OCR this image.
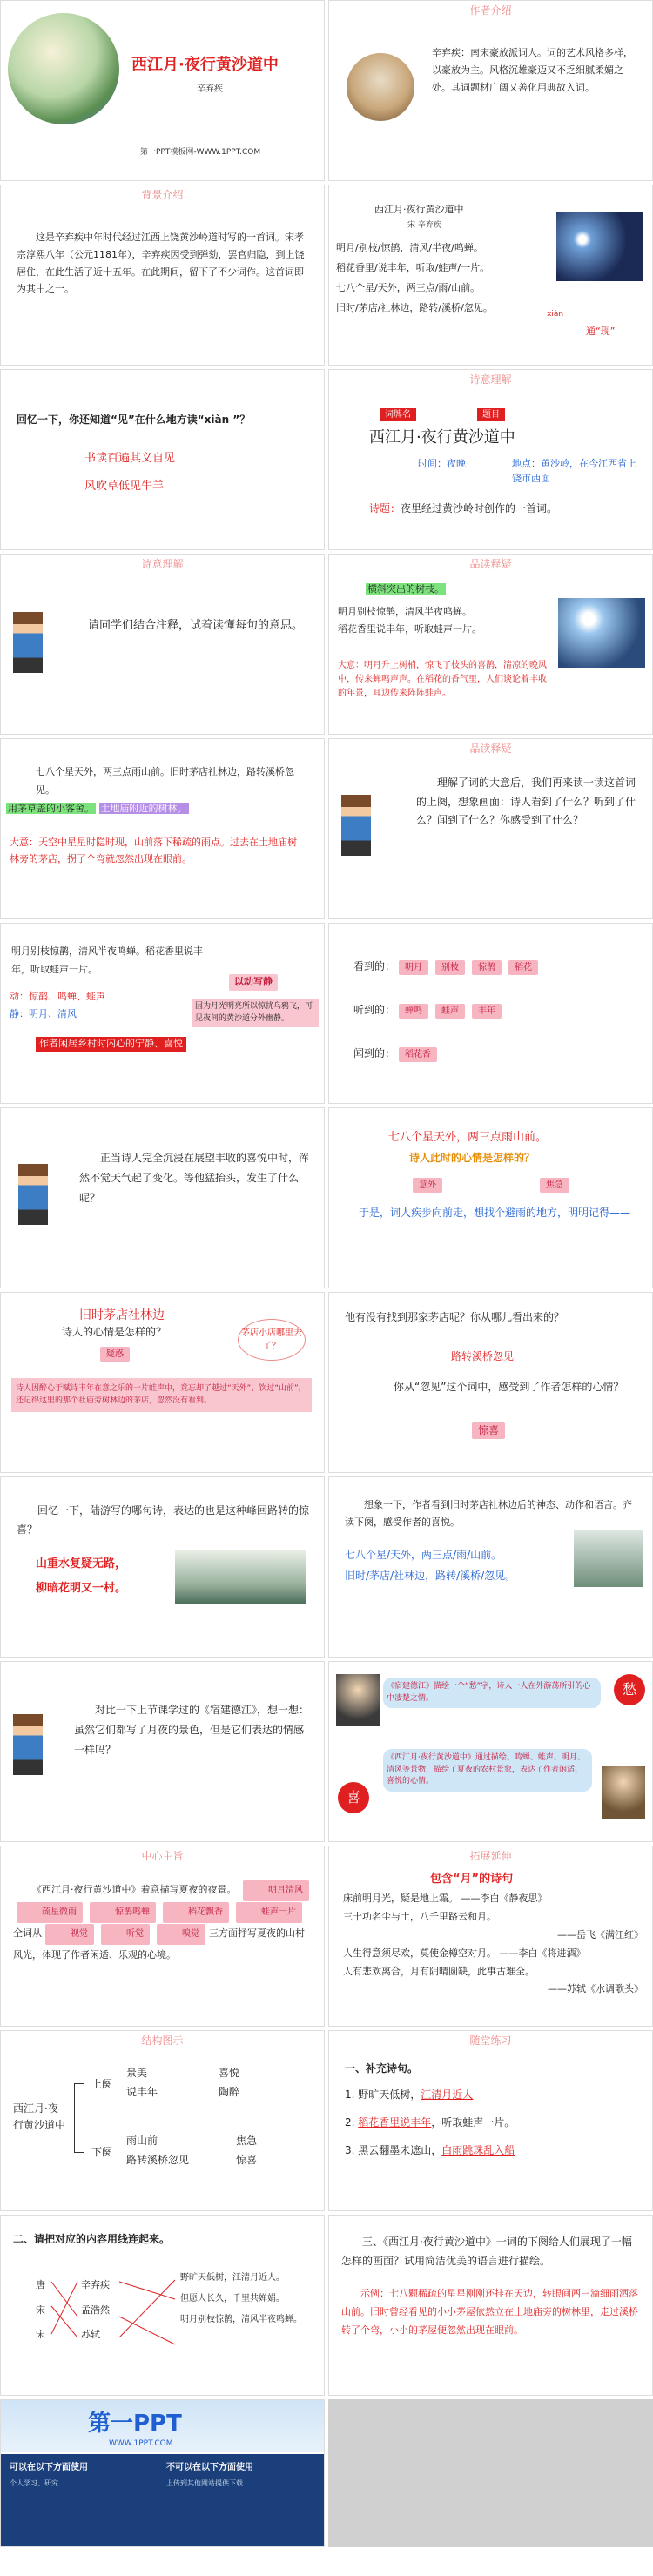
西江月·夜行黄沙道中
辛弃疾
第一PPT模板网-WWW.1PPT.COM
作者介绍
辛弃疾：南宋豪放派词人。词的艺术风格多样，以豪放为主。风格沉雄豪迈又不乏细腻柔媚之处。其词题材广阔又善化用典故入词。
背景介绍
这是辛弃疾中年时代经过江西上饶黄沙岭道时写的一首词。宋孝宗淳熙八年（公元1181年），辛弃疾因受到弹劾，罢官归隐，到上饶居住，在此生活了近十五年。在此期间，留下了不少词作。这首词即为其中之一。
西江月·夜行黄沙道中
宋 辛弃疾
明月/别枝/惊鹊，清风/半夜/鸣蝉。
稻花香里/说丰年，听取/蛙声/一片。
七八个星/天外，两三点/雨/山前。
旧时/茅店/社林边，路转/溪桥/忽见。
xiàn
通“现”
回忆一下，你还知道“见”在什么地方读“xiàn ”？
书读百遍其义自见
风吹草低见牛羊
诗意理解
词牌名	题目
西江月·夜行黄沙道中
时间：夜晚	地点：黄沙岭，在今江西省上饶市西面
诗题：夜里经过黄沙岭时创作的一首词。
诗意理解
请同学们结合注释，试着读懂每句的意思。
品读释疑
横斜突出的树枝。
明月别枝惊鹊，清风半夜鸣蝉。
稻花香里说丰年，听取蛙声一片。
大意：明月升上树梢，惊飞了枝头的喜鹊，清凉的晚风中，传来蝉鸣声声。在稻花的香气里，人们谈论着丰收的年景，耳边传来阵阵蛙声。
七八个星天外，两三点雨山前。旧时茅店社林边，路转溪桥忽见。
用茅草盖的小客舍。 土地庙附近的树林。
大意：天空中星星时隐时现，山前落下稀疏的雨点。过去在土地庙树林旁的茅店，拐了个弯就忽然出现在眼前。
品读释疑
理解了词的大意后，我们再来读一读这首词的上阕，想象画面：诗人看到了什么？听到了什么？闻到了什么？你感受到了什么？
明月别枝惊鹊，清风半夜鸣蝉。稻花香里说丰年，听取蛙声一片。
动：惊鹊、鸣蝉、蛙声
静：明月、清风
以动写静
因为月光明亮所以惊扰乌鸦飞，可见夜间的黄沙道分外幽静。
作者闲居乡村时内心的宁静、喜悦
看到的： 明月 别枝 惊鹊 稻花
听到的： 蝉鸣 蛙声 丰年
闻到的： 稻花香
正当诗人完全沉浸在展望丰收的喜悦中时，浑然不觉天气起了变化。等他猛抬头，发生了什么呢？
七八个星天外，两三点雨山前。
诗人此时的心情是怎样的？
意外	焦急
于是，词人疾步向前走，想找个避雨的地方，明明记得——
旧时茅店社林边
诗人的心情是怎样的？
疑惑
茅店小店哪里去了？
诗人因醉心于赋诗丰年在意之乐的一片蛙声中，竟忘却了越过“天外”、饮过“山前”，还记得这里的那个社庙旁树林边的茅店，忽然没有看到。
他有没有找到那家茅店呢？你从哪儿看出来的？
路转溪桥忽见
你从“忽见”这个词中，感受到了作者怎样的心情？
惊喜
回忆一下，陆游写的哪句诗，表达的也是这种峰回路转的惊喜？
山重水复疑无路，
柳暗花明又一村。
想象一下，作者看到旧时茅店社林边后的神态、动作和语言。齐读下阕，感受作者的喜悦。
七八个星/天外，两三点/雨/山前。
旧时/茅店/社林边，路转/溪桥/忽见。
对比一下上节课学过的《宿建德江》，想一想：虽然它们都写了月夜的景色，但是它们表达的情感一样吗？
《宿建德江》描绘一个“愁”字，诗人一人在外游荡所引的心中凄楚之情。
愁
《西江月·夜行黄沙道中》通过描绘、鸣蝉、蛙声、明月、清风等景物，描绘了夏夜的农村景象，表达了作者闲适、喜悦的心情。
喜
中心主旨
《西江月·夜行黄沙道中》着意描写夏夜的夜景。	明月清风疏星微雨	惊鹊鸣蝉	稻花飘香	蛙声一片 全词从	视觉	听觉	嗅觉 三方面抒写夏夜的山村风光，体现了作者闲适、乐观的心境。
拓展延伸
包含“月”的诗句
床前明月光，疑是地上霜。 ——李白《静夜思》
三十功名尘与土，八千里路云和月。
——岳飞《满江红》
人生得意须尽欢，莫使金樽空对月。 ——李白《将进酒》
人有悲欢离合，月有阴晴圆缺，此事古难全。
——苏轼《水调歌头》
结构图示
西江月·夜行黄沙道中
上阕
下阕
景美
说丰年
雨山前
路转溪桥忽见
喜悦
陶醉
焦急
惊喜
随堂练习
一、补充诗句。
1. 野旷天低树，江清月近人
2. 稻花香里说丰年，听取蛙声一片。
3. 黑云翻墨未遮山，白雨跳珠乱入船
二、请把对应的内容用线连起来。
唐
宋
宋
辛弃疾
孟浩然
苏轼
野旷天低树，江清月近人。
但愿人长久，千里共婵娟。
明月别枝惊鹊，清风半夜鸣蝉。
三、《西江月·夜行黄沙道中》一词的下阕给人们展现了一幅怎样的画面？试用简洁优美的语言进行描绘。
示例：七八颗稀疏的星星刚刚还挂在天边，转眼间两三滴细雨洒落山前。旧时曾经看见的小小茅屋依然立在土地庙旁的树林里，走过溪桥转了个弯，小小的茅屋便忽然出现在眼前。
第一PPT
WWW.1PPT.COM
可以在以下方面使用	不可以在以下方面使用
个人学习、研究	上传到其他网站提供下载
